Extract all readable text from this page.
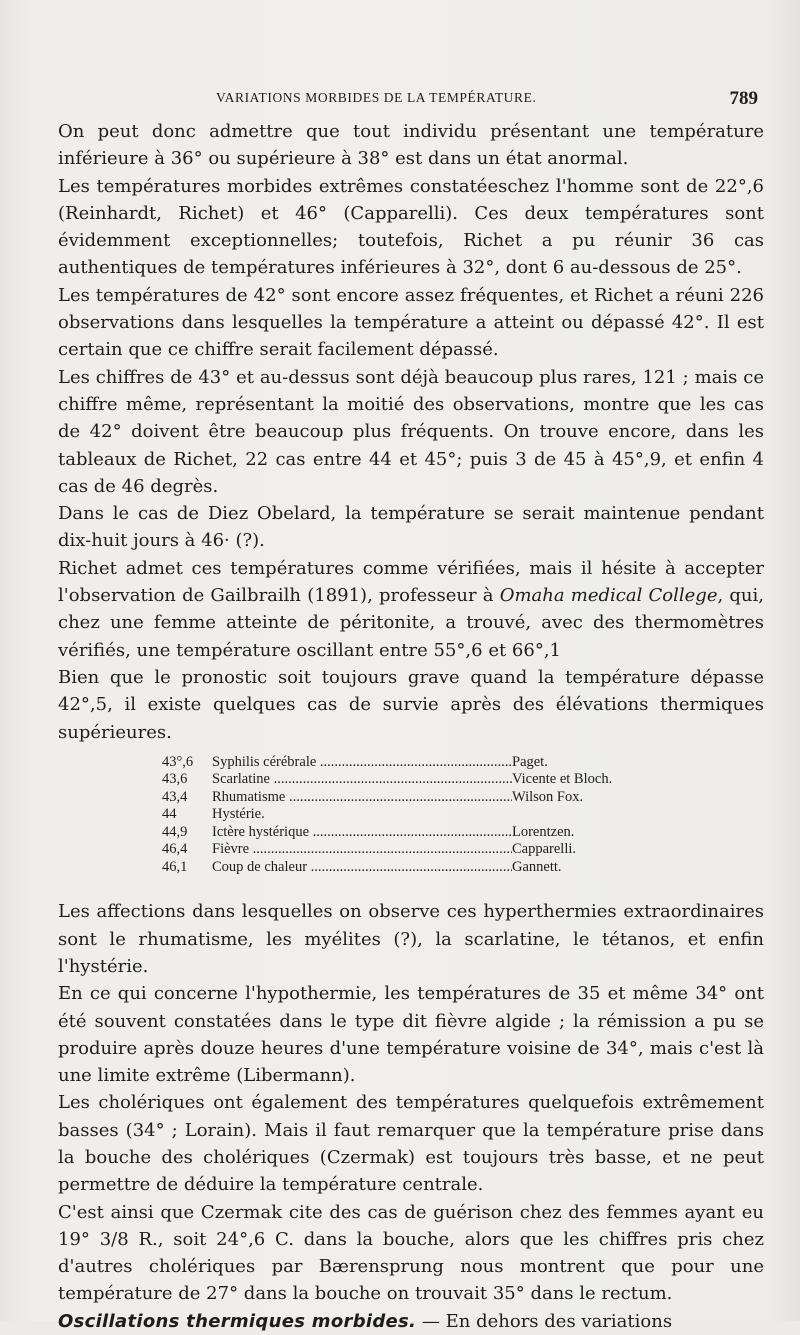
VARIATIONS MORBIDES DE LA TEMPÉRATURE.	789

On peut donc admettre que tout individu présentant une température inférieure à 36° ou supérieure à 38° est dans un état anormal.

Les températures morbides extrêmes constatéeschez l'homme sont de 22°,6 (Reinhardt, Richet) et 46° (Capparelli). Ces deux températures sont évidemment exceptionnelles; toutefois, Richet a pu réunir 36 cas authentiques de températures inférieures à 32°, dont 6 au-dessous de 25°.

Les températures de 42° sont encore assez fréquentes, et Richet a réuni 226 observations dans lesquelles la température a atteint ou dépassé 42°. Il est certain que ce chiffre serait facilement dépassé.

Les chiffres de 43° et au-dessus sont déjà beaucoup plus rares, 121 ; mais ce chiffre même, représentant la moitié des observations, montre que les cas de 42° doivent être beaucoup plus fréquents. On trouve encore, dans les tableaux de Richet, 22 cas entre 44 et 45°; puis 3 de 45 à 45°,9, et enfin 4 cas de 46 degrès.

Dans le cas de Diez Obelard, la température se serait maintenue pendant dix-huit jours à 46· (?).

Richet admet ces températures comme vérifiées, mais il hésite à accepter l'observation de Gailbrailh (1891), professeur à Omaha medical College, qui, chez une femme atteinte de péritonite, a trouvé, avec des thermomètres vérifiés, une température oscillant entre 55°,6 et 66°,1

Bien que le pronostic soit toujours grave quand la température dépasse 42°,5, il existe quelques cas de survie après des élévations thermiques supérieures.

43°,6	Syphilis cérébrale .....	Paget.
43,6	Scarlatine .....	Vicente et Bloch.
43,4	Rhumatisme .....	Wilson Fox.
44	Hystérie.
44,9	Ictère hystérique .....	Lorentzen.
46,4	Fièvre .....	Capparelli.
46,1	Coup de chaleur .....	Gannett.

Les affections dans lesquelles on observe ces hyperthermies extraordinaires sont le rhumatisme, les myélites (?), la scarlatine, le tétanos, et enfin l'hystérie.

En ce qui concerne l'hypothermie, les températures de 35 et même 34° ont été souvent constatées dans le type dit fièvre algide ; la rémission a pu se produire après douze heures d'une température voisine de 34°, mais c'est là une limite extrême (Libermann).

Les cholériques ont également des températures quelquefois extrêmement basses (34° ; Lorain). Mais il faut remarquer que la température prise dans la bouche des cholériques (Czermak) est toujours très basse, et ne peut permettre de déduire la température centrale.

C'est ainsi que Czermak cite des cas de guérison chez des femmes ayant eu 19° 3/8 R., soit 24°,6 C. dans la bouche, alors que les chiffres pris chez d'autres cholériques par Bærensprung nous montrent que pour une température de 27° dans la bouche on trouvait 35° dans le rectum.

Oscillations thermiques morbides. — En dehors des variations
